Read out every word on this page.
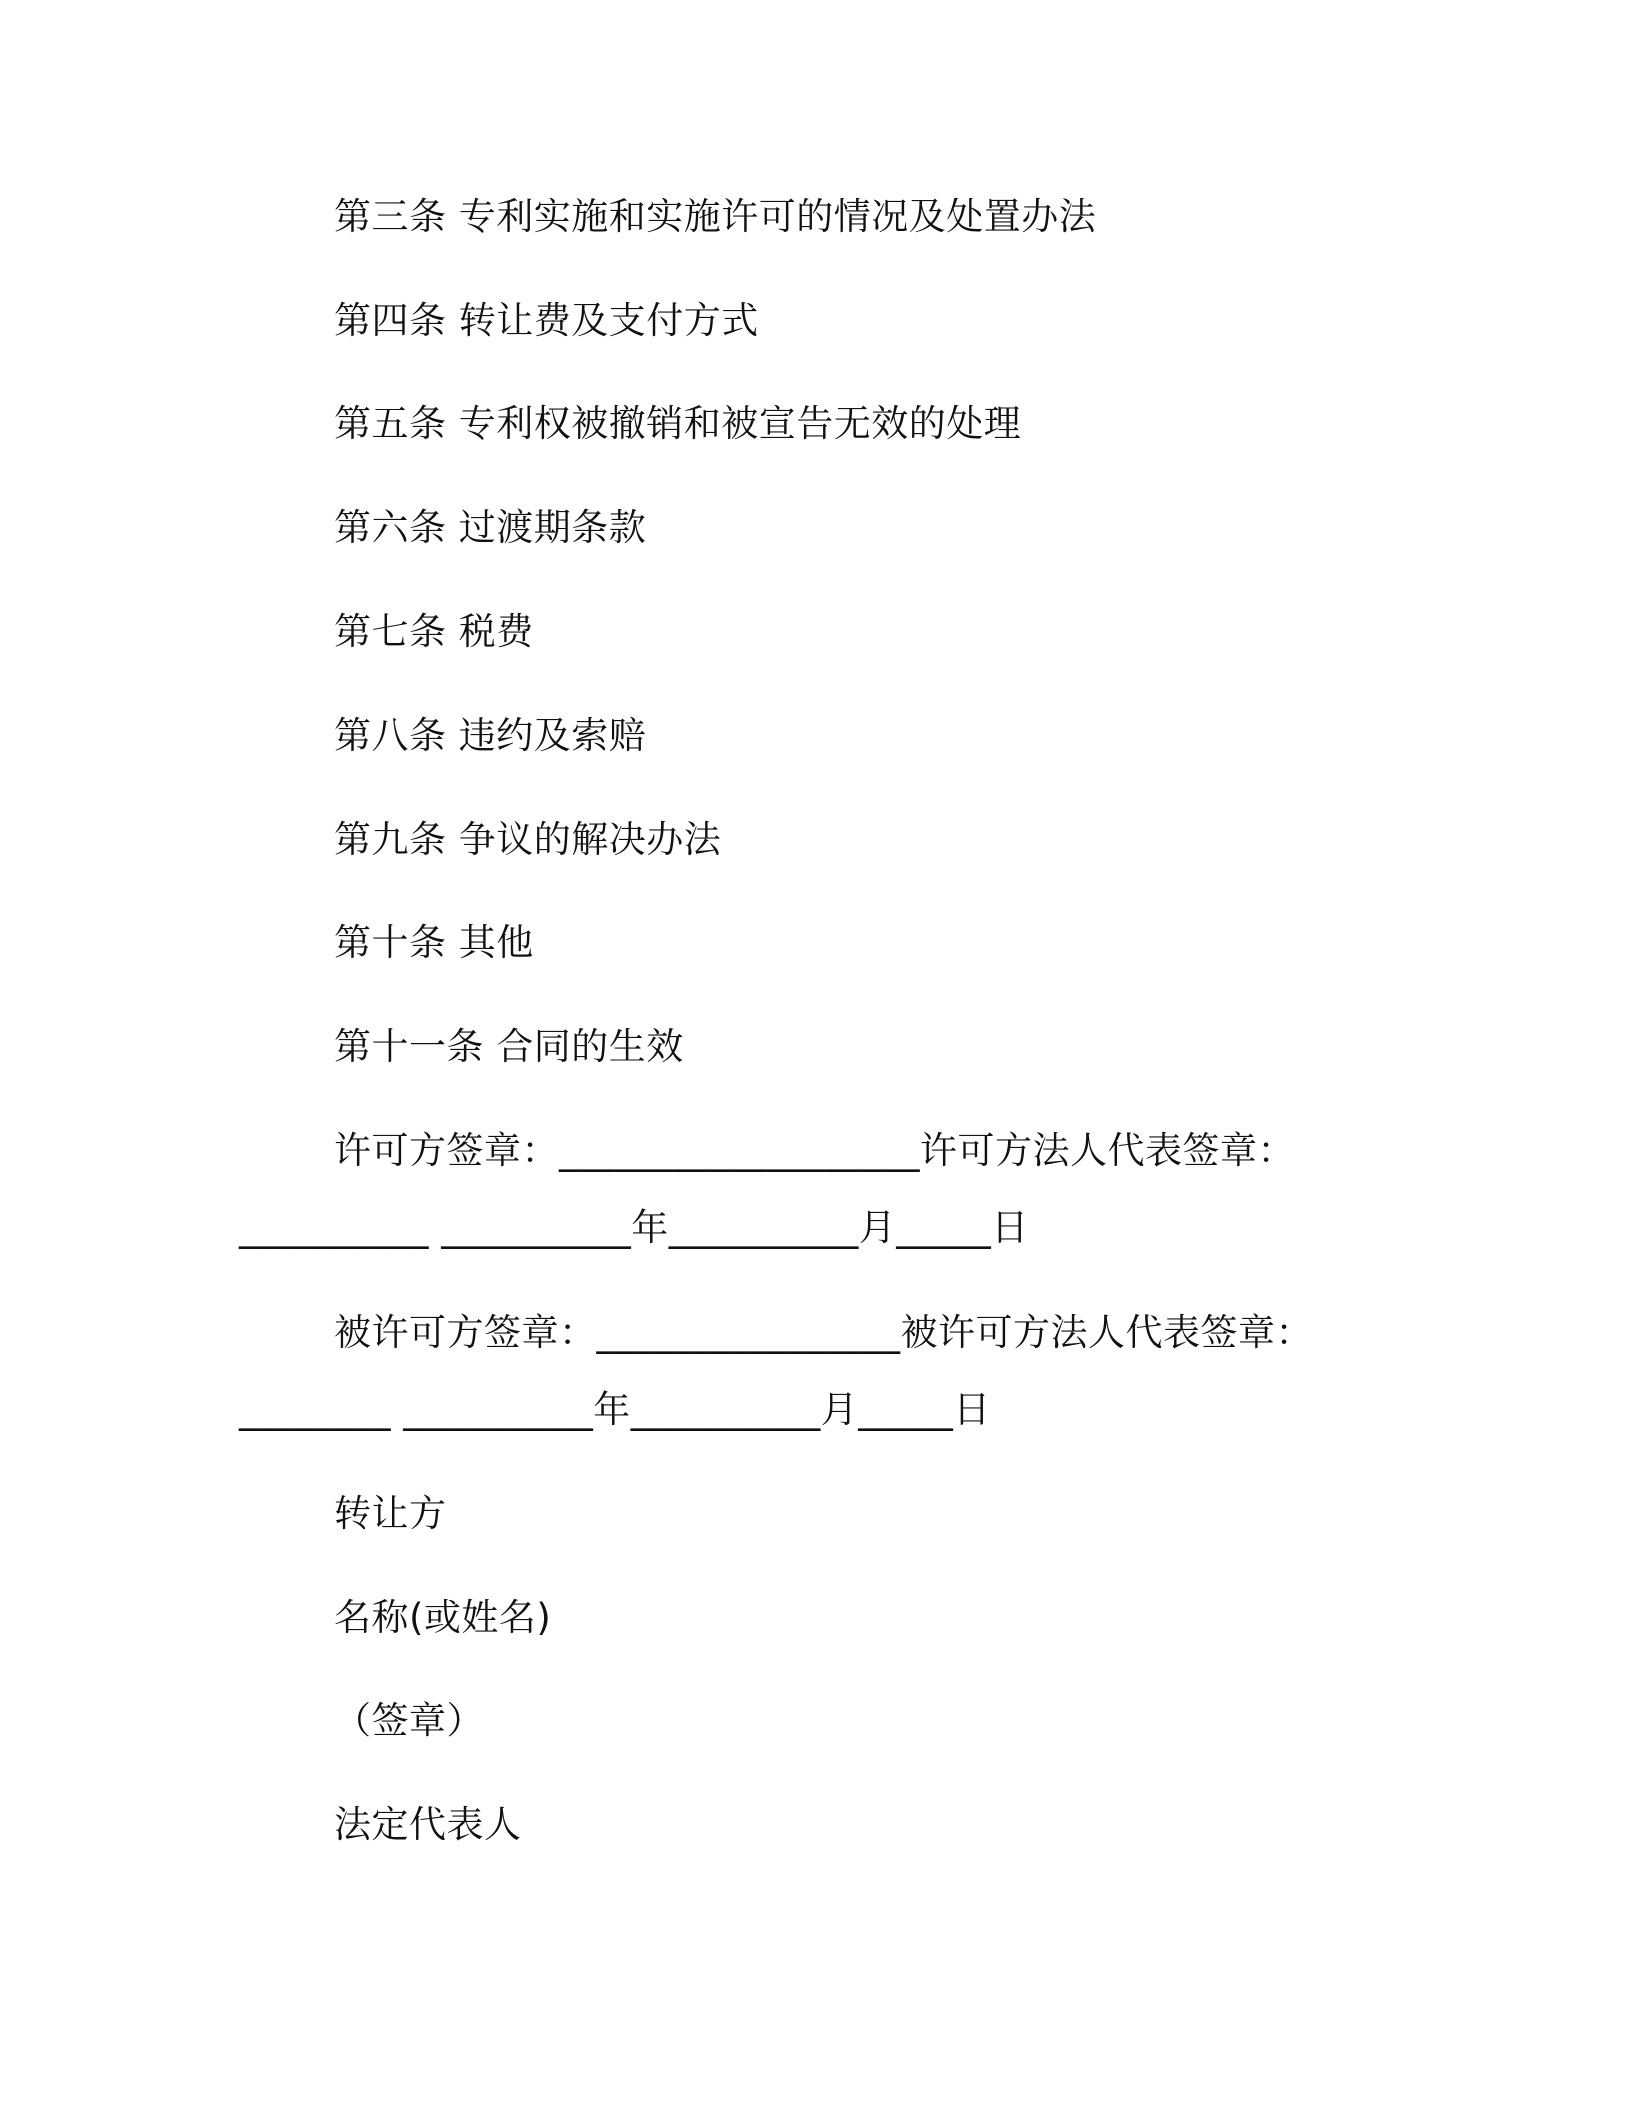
第三条 专利实施和实施许可的情况及处置办法
第四条 转让费及支付方式
第五条 专利权被撤销和被宣告无效的处理
第六条 过渡期条款
第七条 税费
第八条 违约及索赔
第九条 争议的解决办法
第十条 其他
第十一条 合同的生效
许可方签章：___________________许可方法人代表签章：
__________ __________年__________月_____日
被许可方签章：________________被许可方法人代表签章：
________ __________年__________月_____日
转让方
名称(或姓名)
（签章）
法定代表人
